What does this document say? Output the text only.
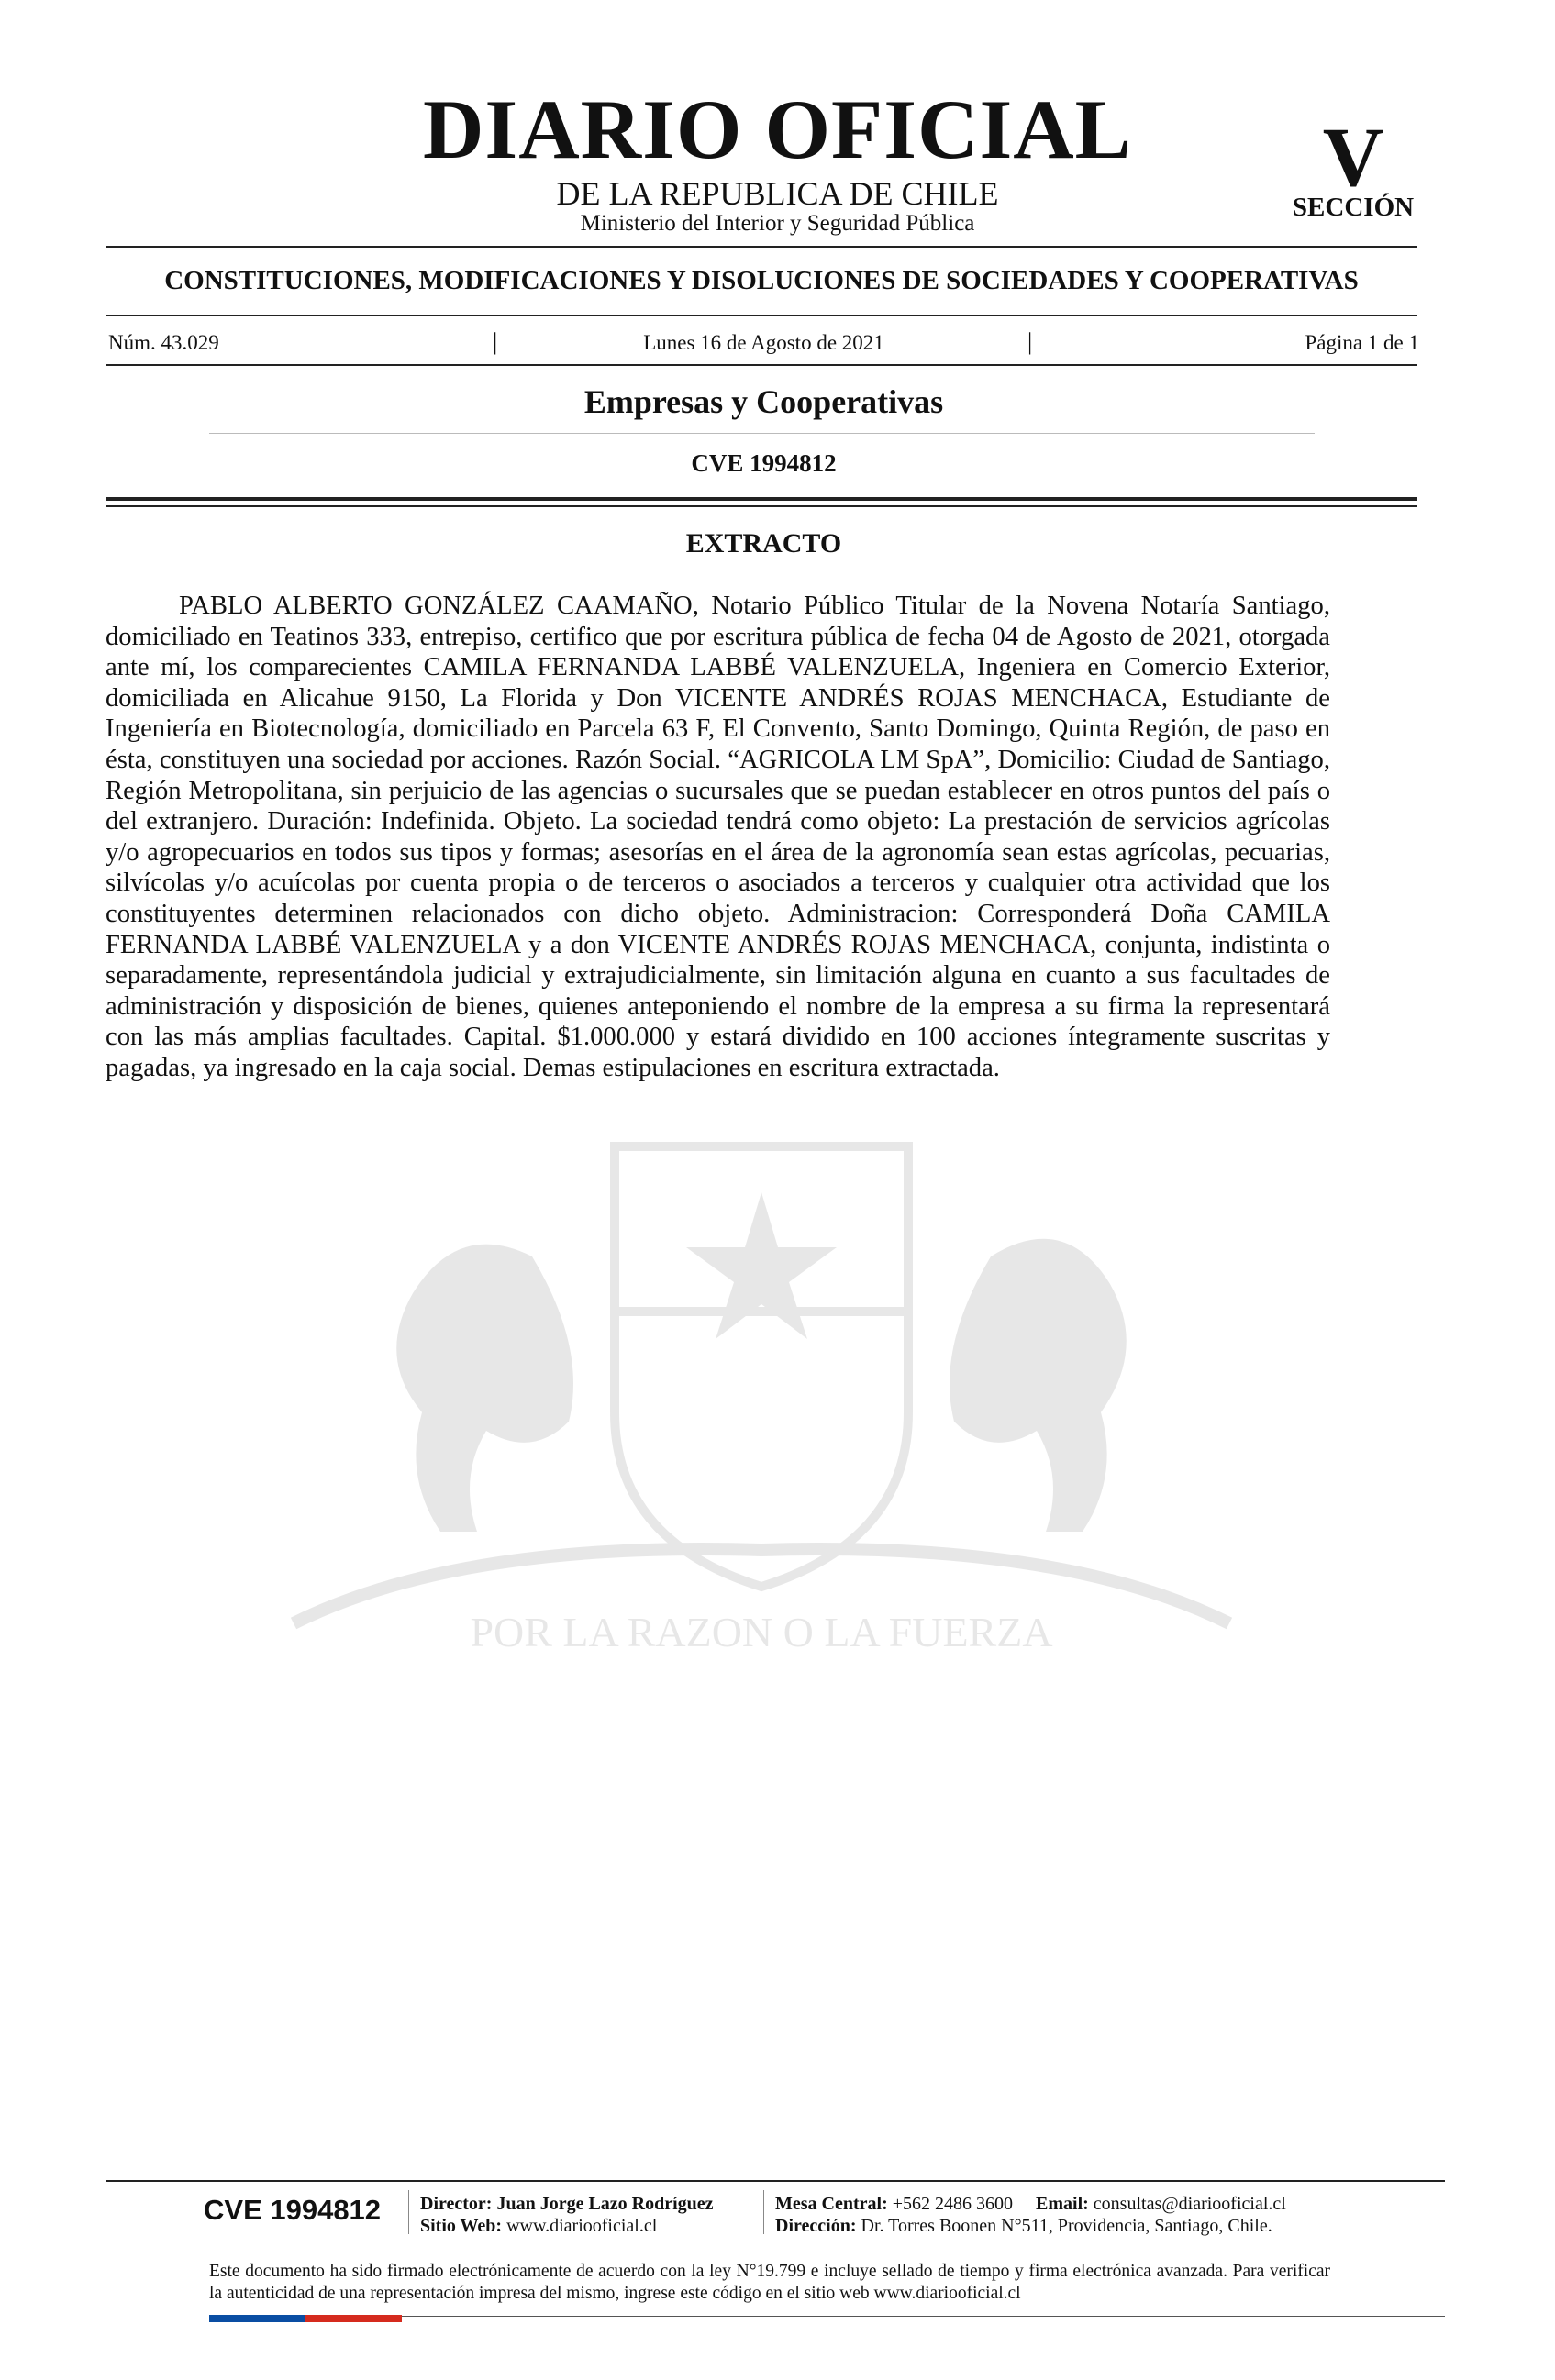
POR LA RAZON O LA FUERZA
DIARIO OFICIAL
DE LA REPUBLICA DE CHILE
Ministerio del Interior y Seguridad Pública
V
SECCIÓN
CONSTITUCIONES, MODIFICACIONES Y DISOLUCIONES DE SOCIEDADES Y COOPERATIVAS
Núm. 43.029	|	Lunes 16 de Agosto de 2021	|	Página 1 de 1
Empresas y Cooperativas
CVE 1994812
EXTRACTO

PABLO ALBERTO GONZÁLEZ CAAMAÑO, Notario Público Titular de la Novena Notaría Santiago, domiciliado en Teatinos 333, entrepiso, certifico que por escritura pública de fecha 04 de Agosto de 2021, otorgada ante mí, los comparecientes CAMILA FERNANDA LABBÉ VALENZUELA, Ingeniera en Comercio Exterior, domiciliada en Alicahue 9150, La Florida y Don VICENTE ANDRÉS ROJAS MENCHACA, Estudiante de Ingeniería en Biotecnología, domiciliado en Parcela 63 F, El Convento, Santo Domingo, Quinta Región, de paso en ésta, constituyen una sociedad por acciones. Razón Social. “AGRICOLA LM SpA”, Domicilio: Ciudad de Santiago, Región Metropolitana, sin perjuicio de las agencias o sucursales que se puedan establecer en otros puntos del país o del extranjero. Duración: Indefinida. Objeto. La sociedad tendrá como objeto: La prestación de servicios agrícolas y/o agropecuarios en todos sus tipos y formas; asesorías en el área de la agronomía sean estas agrícolas, pecuarias, silvícolas y/o acuícolas por cuenta propia o de terceros o asociados a terceros y cualquier otra actividad que los constituyentes determinen relacionados con dicho objeto. Administracion: Corresponderá Doña CAMILA FERNANDA LABBÉ VALENZUELA y a don VICENTE ANDRÉS ROJAS MENCHACA, conjunta, indistinta o separadamente, representándola judicial y extrajudicialmente, sin limitación alguna en cuanto a sus facultades de administración y disposición de bienes, quienes anteponiendo el nombre de la empresa a su firma la representará con las más amplias facultades. Capital. $1.000.000 y estará dividido en 100 acciones íntegramente suscritas y pagadas, ya ingresado en la caja social. Demas estipulaciones en escritura extractada.

CVE 1994812 Director: Juan Jorge Lazo Rodríguez
Sitio Web: www.diariooficial.cl
Mesa Central: +562 2486 3600 Email: consultas@diariooficial.cl
Dirección: Dr. Torres Boonen N°511, Providencia, Santiago, Chile.
Este documento ha sido firmado electrónicamente de acuerdo con la ley N°19.799 e incluye sellado de tiempo y firma electrónica avanzada. Para verificar la autenticidad de una representación impresa del mismo, ingrese este código en el sitio web www.diariooficial.cl
